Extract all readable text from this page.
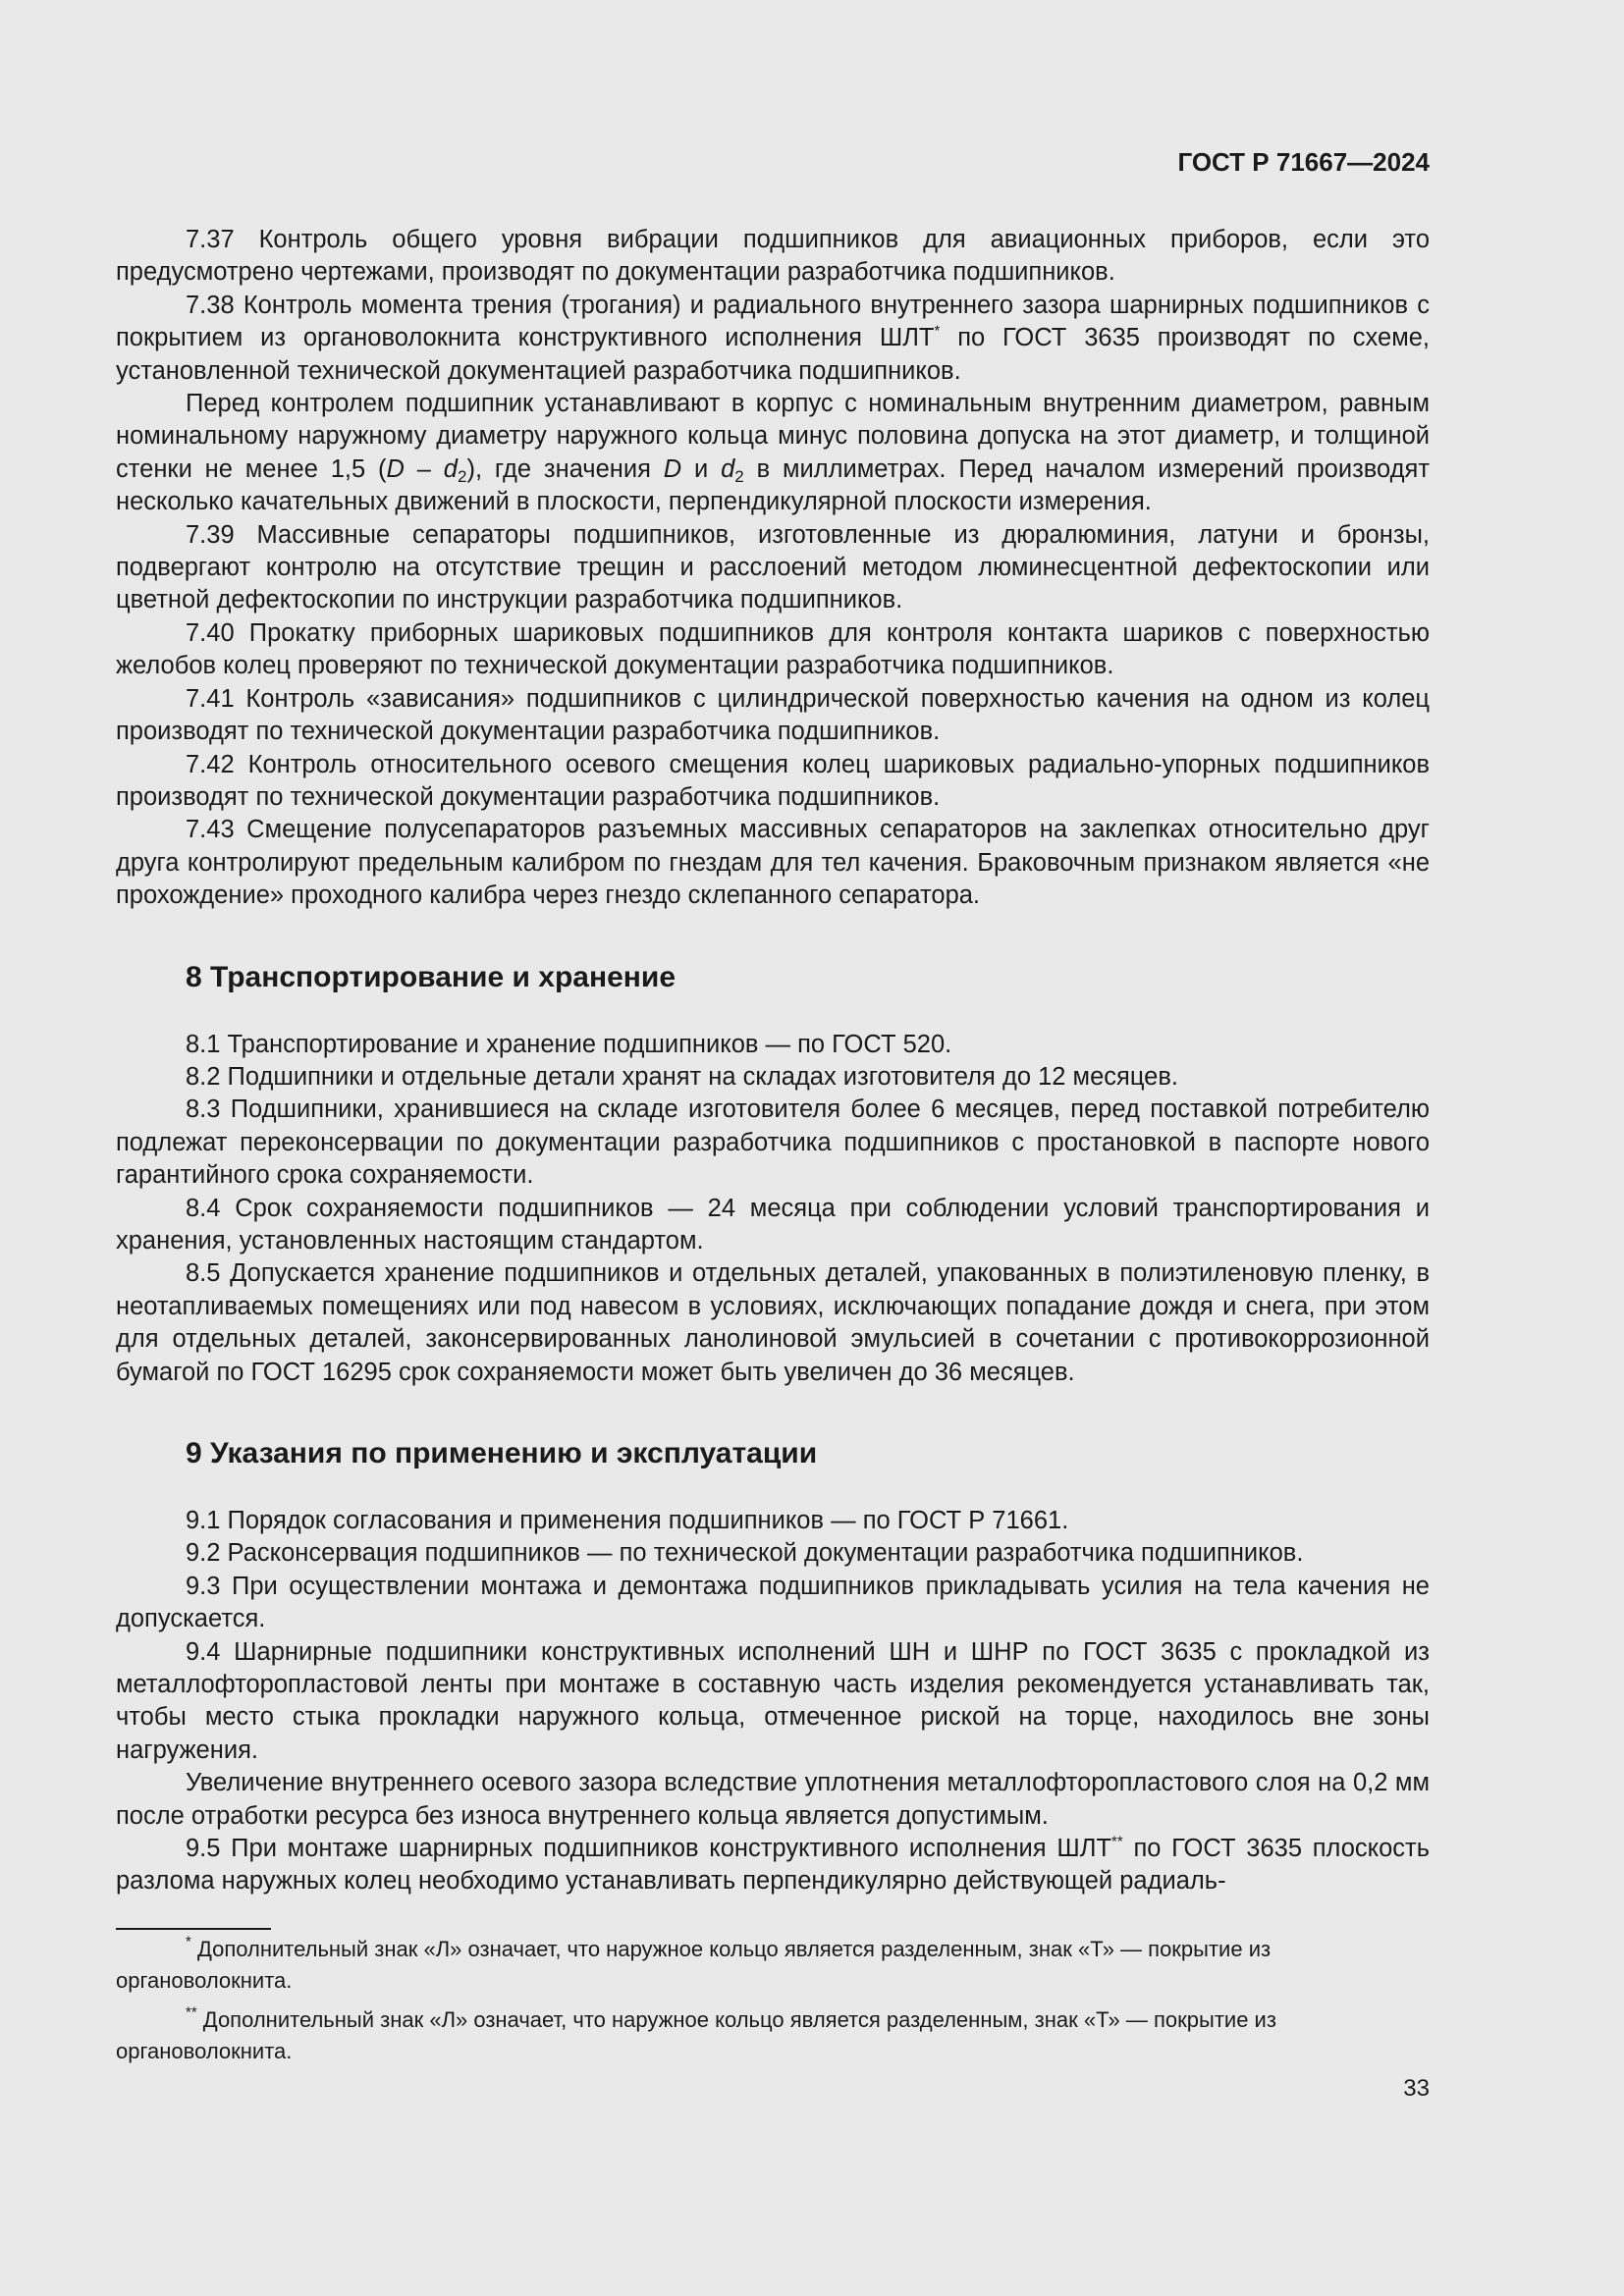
ГОСТ Р 71667—2024

7.37 Контроль общего уровня вибрации подшипников для авиационных приборов, если это предусмотрено чертежами, производят по документации разработчика подшипников.

7.38 Контроль момента трения (трогания) и радиального внутреннего зазора шарнирных подшипников с покрытием из органоволокнита конструктивного исполнения ШЛТ* по ГОСТ 3635 производят по схеме, установленной технической документацией разработчика подшипников.

Перед контролем подшипник устанавливают в корпус с номинальным внутренним диаметром, равным номинальному наружному диаметру наружного кольца минус половина допуска на этот диаметр, и толщиной стенки не менее 1,5 $(D - d_2)$, где значения D и $d_2$ в миллиметрах. Перед началом измерений производят несколько качательных движений в плоскости, перпендикулярной плоскости измерения.

7.39 Массивные сепараторы подшипников, изготовленные из дюралюминия, латуни и бронзы, подвергают контролю на отсутствие трещин и расслоений методом люминесцентной дефектоскопии или цветной дефектоскопии по инструкции разработчика подшипников.

7.40 Прокатку приборных шариковых подшипников для контроля контакта шариков с поверхностью желобов колец проверяют по технической документации разработчика подшипников.

7.41 Контроль «зависания» подшипников с цилиндрической поверхностью качения на одном из колец производят по технической документации разработчика подшипников.

7.42 Контроль относительного осевого смещения колец шариковых радиально-упорных подшипников производят по технической документации разработчика подшипников.

7.43 Смещение полусепараторов разъемных массивных сепараторов на заклепках относительно друг друга контролируют предельным калибром по гнездам для тел качения. Браковочным признаком является «не прохождение» проходного калибра через гнездо склепанного сепаратора.

8 Транспортирование и хранение

8.1 Транспортирование и хранение подшипников — по ГОСТ 520.

8.2 Подшипники и отдельные детали хранят на складах изготовителя до 12 месяцев.

8.3 Подшипники, хранившиеся на складе изготовителя более 6 месяцев, перед поставкой потребителю подлежат переконсервации по документации разработчика подшипников с простановкой в паспорте нового гарантийного срока сохраняемости.

8.4 Срок сохраняемости подшипников — 24 месяца при соблюдении условий транспортирования и хранения, установленных настоящим стандартом.

8.5 Допускается хранение подшипников и отдельных деталей, упакованных в полиэтиленовую пленку, в неотапливаемых помещениях или под навесом в условиях, исключающих попадание дождя и снега, при этом для отдельных деталей, законсервированных ланолиновой эмульсией в сочетании с противокоррозионной бумагой по ГОСТ 16295 срок сохраняемости может быть увеличен до 36 месяцев.

9 Указания по применению и эксплуатации

9.1 Порядок согласования и применения подшипников — по ГОСТ Р 71661.

9.2 Расконсервация подшипников — по технической документации разработчика подшипников.

9.3 При осуществлении монтажа и демонтажа подшипников прикладывать усилия на тела качения не допускается.

9.4 Шарнирные подшипники конструктивных исполнений ШН и ШНР по ГОСТ 3635 с прокладкой из металлофторопластовой ленты при монтаже в составную часть изделия рекомендуется устанавливать так, чтобы место стыка прокладки наружного кольца, отмеченное риской на торце, находилось вне зоны нагружения.

Увеличение внутреннего осевого зазора вследствие уплотнения металлофторопластового слоя на 0,2 мм после отработки ресурса без износа внутреннего кольца является допустимым.

9.5 При монтаже шарнирных подшипников конструктивного исполнения ШЛТ** по ГОСТ 3635 плоскость разлома наружных колец необходимо устанавливать перпендикулярно действующей радиаль-

* Дополнительный знак «Л» означает, что наружное кольцо является разделенным, знак «Т» — покрытие из органоволокнита.

** Дополнительный знак «Л» означает, что наружное кольцо является разделенным, знак «Т» — покрытие из органоволокнита.

33
